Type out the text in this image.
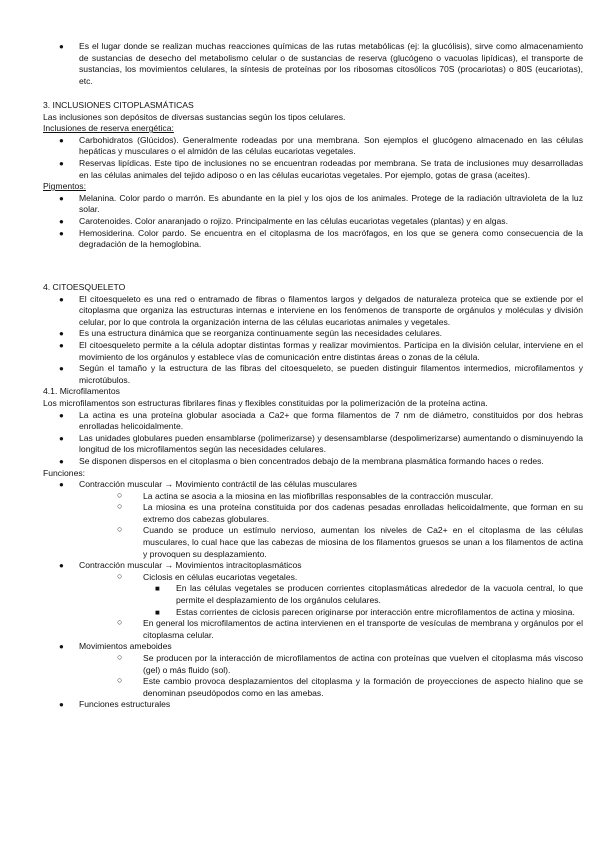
● Es el lugar donde se realizan muchas reacciones químicas de las rutas metabólicas (ej: la glucólisis), sirve como almacenamiento de sustancias de desecho del metabolismo celular o de sustancias de reserva (glucógeno o vacuolas lipídicas), el transporte de sustancias, los movimientos celulares, la síntesis de proteínas por los ribosomas citosólicos 70S (procariotas) o 80S (eucariotas), etc.
3. INCLUSIONES CITOPLASMÁTICAS
Las inclusiones son depósitos de diversas sustancias según los tipos celulares.
Inclusiones de reserva energética:
● Carbohidratos (Glúcidos). Generalmente rodeadas por una membrana. Son ejemplos el glucógeno almacenado en las células hepáticas y musculares o el almidón de las células eucariotas vegetales.
● Reservas lipídicas. Este tipo de inclusiones no se encuentran rodeadas por membrana. Se trata de inclusiones muy desarrolladas en las células animales del tejido adiposo o en las células eucariotas vegetales. Por ejemplo, gotas de grasa (aceites).
Pigmentos:
● Melanina. Color pardo o marrón. Es abundante en la piel y los ojos de los animales. Protege de la radiación ultravioleta de la luz solar.
● Carotenoides. Color anaranjado o rojizo. Principalmente en las células eucariotas vegetales (plantas) y en algas.
● Hemosiderina. Color pardo. Se encuentra en el citoplasma de los macrófagos, en los que se genera como consecuencia de la degradación de la hemoglobina.
4. CITOESQUELETO
● El citoesqueleto es una red o entramado de fibras o filamentos largos y delgados de naturaleza proteica que se extiende por el citoplasma que organiza las estructuras internas e interviene en los fenómenos de transporte de orgánulos y moléculas y división celular, por lo que controla la organización interna de las células eucariotas animales y vegetales.
● Es una estructura dinámica que se reorganiza continuamente según las necesidades celulares.
● El citoesqueleto permite a la célula adoptar distintas formas y realizar movimientos. Participa en la división celular, interviene en el movimiento de los orgánulos y establece vías de comunicación entre distintas áreas o zonas de la célula.
● Según el tamaño y la estructura de las fibras del citoesqueleto, se pueden distinguir filamentos intermedios, microfilamentos y microtúbulos.
4.1. Microfilamentos
Los microfilamentos son estructuras fibrilares finas y flexibles constituidas por la polimerización de la proteína actina.
● La actina es una proteína globular asociada a Ca2+ que forma filamentos de 7 nm de diámetro, constituidos por dos hebras enrolladas helicoidalmente.
● Las unidades globulares pueden ensamblarse (polimerizarse) y desensamblarse (despolimerizarse) aumentando o disminuyendo la longitud de los microfilamentos según las necesidades celulares.
● Se disponen dispersos en el citoplasma o bien concentrados debajo de la membrana plasmática formando haces o redes.
Funciones:
● Contracción muscular → Movimiento contráctil de las células musculares
○ La actina se asocia a la miosina en las miofibrillas responsables de la contracción muscular.
○ La miosina es una proteína constituida por dos cadenas pesadas enrolladas helicoidalmente, que forman en su extremo dos cabezas globulares.
○ Cuando se produce un estímulo nervioso, aumentan los niveles de Ca2+ en el citoplasma de las células musculares, lo cual hace que las cabezas de miosina de los filamentos gruesos se unan a los filamentos de actina y provoquen su desplazamiento.
● Contracción muscular → Movimientos intracitoplasmáticos
○ Ciclosis en células eucariotas vegetales.
■ En las células vegetales se producen corrientes citoplasmáticas alrededor de la vacuola central, lo que permite el desplazamiento de los orgánulos celulares.
■ Estas corrientes de ciclosis parecen originarse por interacción entre microfilamentos de actina y miosina.
○ En general los microfilamentos de actina intervienen en el transporte de vesículas de membrana y orgánulos por el citoplasma celular.
● Movimientos ameboides
○ Se producen por la interacción de microfilamentos de actina con proteínas que vuelven el citoplasma más viscoso (gel) o más fluido (sol).
○ Este cambio provoca desplazamientos del citoplasma y la formación de proyecciones de aspecto hialino que se denominan pseudópodos como en las amebas.
● Funciones estructurales
